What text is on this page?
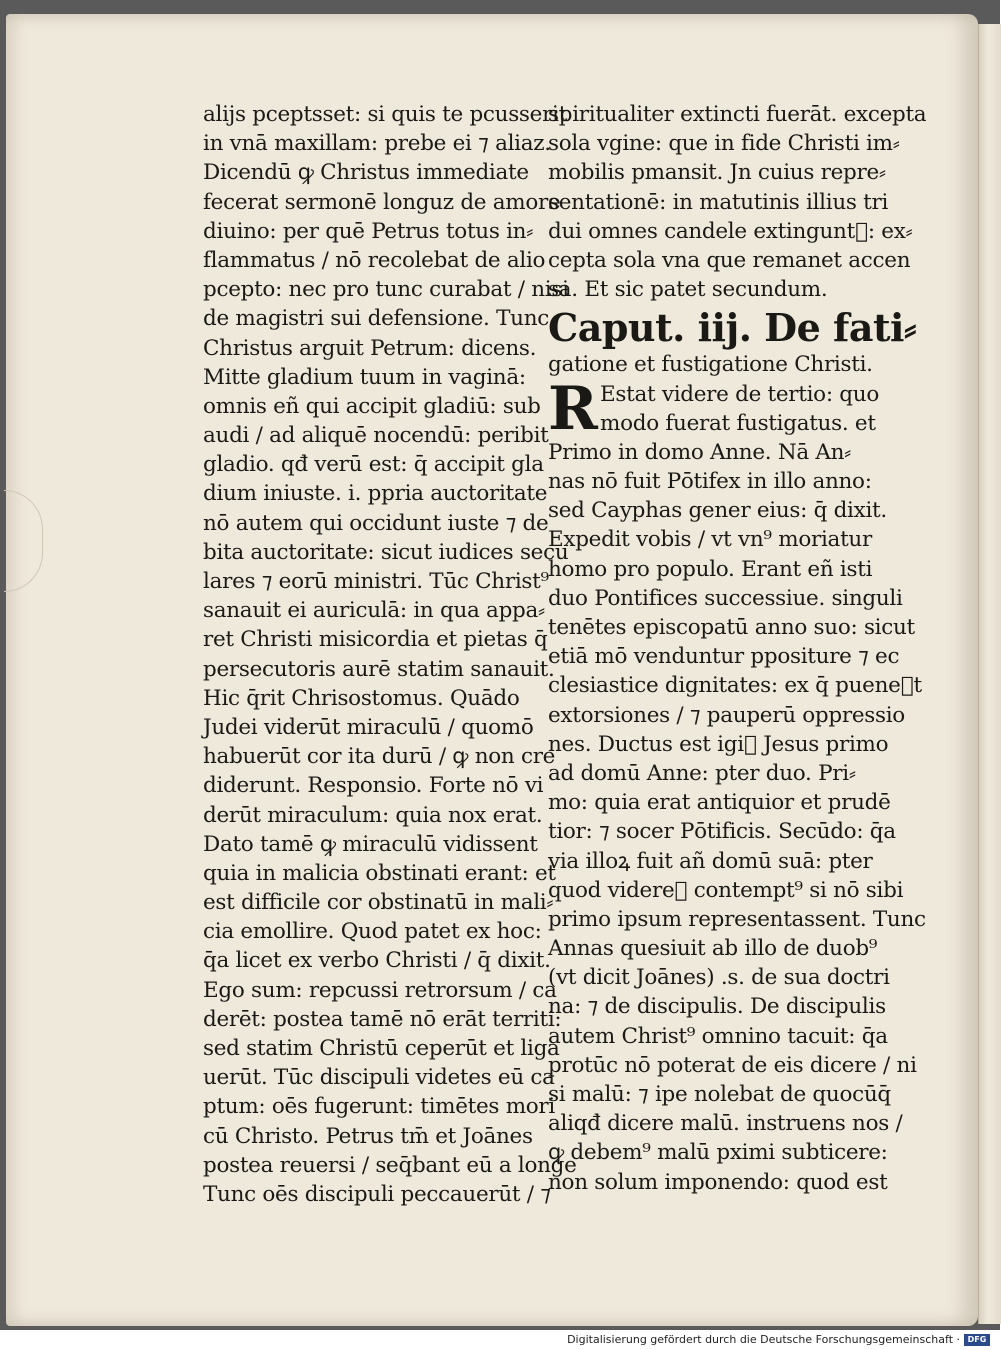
alijs pceptsset: si quis te pcusserit
in vnā maxillam: prebe ei ⁊ aliaz.
Dicendū ꝙ Christus immediate
fecerat sermonē longuz de amore
diuino: per quē Petrus totus in⸗
flammatus / nō recolebat de alio
pcepto: nec pro tunc curabat / nisi
de magistri sui defensione. Tunc
Christus arguit Petrum: dicens.
Mitte gladium tuum in vaginā:
omnis eñ qui accipit gladiū: sub
audi / ad aliquē nocendū: peribit
gladio. qđ verū est: q̄ accipit gla
dium iniuste. i. ppria auctoritate
nō autem qui occidunt iuste ⁊ de
bita auctoritate: sicut iudices secu
lares ⁊ eorū ministri. Tūc Christ⁹
sanauit ei auriculā: in qua appa⸗
ret Christi misicordia et pietas q̄
persecutoris aurē statim sanauit.
Hic q̄rit Chrisostomus. Quādo
Judei viderūt miraculū / quomō
habuerūt cor ita durū / ꝙ non cre
diderunt. Responsio. Forte nō vi
derūt miraculum: quia nox erat.
Dato tamē ꝙ miraculū vidissent
quia in malicia obstinati erant: et
est difficile cor obstinatū in mali⸗
cia emollire. Quod patet ex hoc:
q̄a licet ex verbo Christi / q̄ dixit.
Ego sum: repcussi retrorsum / ca
derēt: postea tamē nō erāt territi:
sed statim Christū ceperūt et liga
uerūt. Tūc discipuli videtes eū ca
ptum: oēs fugerunt: timētes mori
cū Christo. Petrus tm̄ et Joānes
postea reuersi / seq̄bant eū a longe
Tunc oēs discipuli peccauerūt / ⁊
spiritualiter extincti fuerāt. excepta
sola vgine: que in fide Christi im⸗
mobilis pmansit. Jn cuius repre⸗
sentationē: in matutinis illius tri
dui omnes candele extinguntᷣ: ex⸗
cepta sola vna que remanet accen
sa. Et sic patet secundum.
Caput. iij. De fati⸗
gatione et fustigatione Christi.
R Estat videre de tertio: quo
modo fuerat fustigatus. et
Primo in domo Anne. Nā An⸗
nas nō fuit Pōtifex in illo anno:
sed Cayphas gener eius: q̄ dixit.
Expedit vobis / vt vn⁹ moriatur
homo pro populo. Erant eñ isti
duo Pontifices successiue. singuli
tenētes episcopatū anno suo: sicut
etiā mō venduntur ppositure ⁊ ec
clesiastice dignitates: ex q̄ pueneᷣt
extorsiones / ⁊ pauperū oppressio
nes. Ductus est igiᷣ Jesus primo
ad domū Anne: pter duo. Pri⸗
mo: quia erat antiquior et prudē
tior: ⁊ socer Pōtificis. Secūdo: q̄a
via illoꝝ fuit añ domū suā: pter
quod videreᷣ contempt⁹ si nō sibi
primo ipsum representassent. Tunc
Annas quesiuit ab illo de duob⁹
(vt dicit Joānes) .s. de sua doctri
na: ⁊ de discipulis. De discipulis
autem Christ⁹ omnino tacuit: q̄a
protūc nō poterat de eis dicere / ni
si malū: ⁊ ipe nolebat de quocūq̄
aliqđ dicere malū. instruens nos /
ꝙ debem⁹ malū pximi subticere:
non solum imponendo: quod est
Digitalisierung gefördert durch die Deutsche Forschungsgemeinschaft · DFG
